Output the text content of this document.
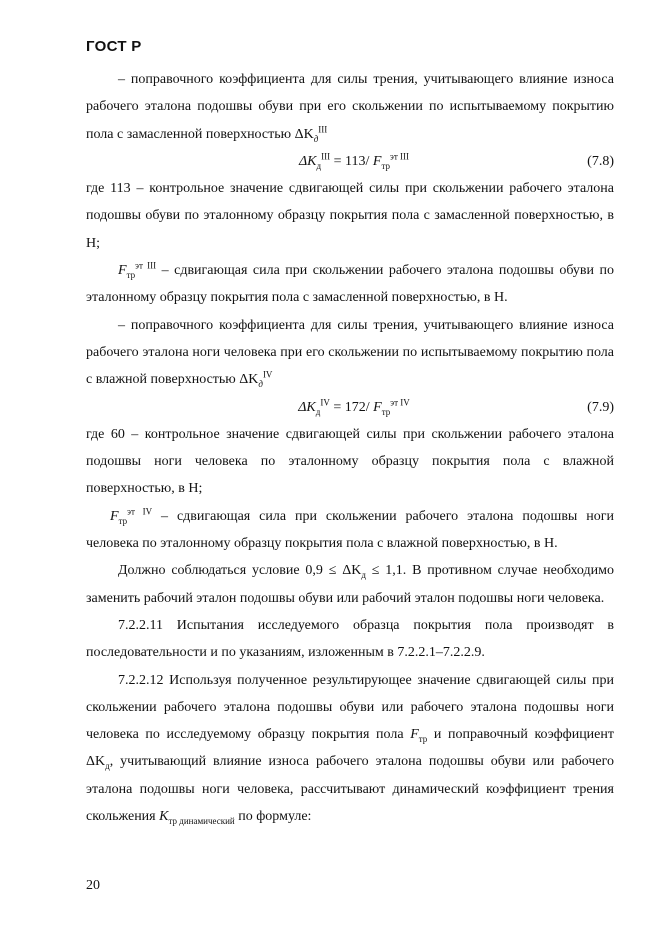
ГОСТ Р

– поправочного коэффициента для силы трения, учитывающего влияние износа рабочего эталона подошвы обуви при его скольжении по испытываемому покрытию пола с замасленной поверхностью $\Delta K_д^{III}$

$\Delta K_д^{III} = 113/$ $F_{тр}^{эт III}$	(7.8)

где 113 – контрольное значение сдвигающей силы при скольжении рабочего эталона подошвы обуви по эталонному образцу покрытия пола с замасленной поверхностью, в Н;

$F_{тр}^{эт III}$ – сдвигающая сила при скольжении рабочего эталона подошвы обуви по эталонному образцу покрытия пола с замасленной поверхностью, в Н.

– поправочного коэффициента для силы трения, учитывающего влияние износа рабочего эталона ноги человека при его скольжении по испытываемому покрытию пола с влажной поверхностью $\Delta K_д^{IV}$

$\Delta K_д^{IV} = 172/$ $F_{тр}^{эт IV}$	(7.9)

где 60 – контрольное значение сдвигающей силы при скольжении рабочего эталона подошвы ноги человека по эталонному образцу покрытия пола с влажной поверхностью, в Н;

$F_{тр}^{эт IV}$ – сдвигающая сила при скольжении рабочего эталона подошвы ноги человека по эталонному образцу покрытия пола с влажной поверхностью, в Н.

Должно соблюдаться условие $0,9 \le \Delta K_д \le 1,1$. В противном случае необходимо заменить рабочий эталон подошвы обуви или рабочий эталон подошвы ноги человека.

7.2.2.11 Испытания исследуемого образца покрытия пола производят в последовательности и по указаниям, изложенным в 7.2.2.1–7.2.2.9.

7.2.2.12 Используя полученное результирующее значение сдвигающей силы при скольжении рабочего эталона подошвы обуви или рабочего эталона подошвы ноги человека по исследуемому образцу покрытия пола $F_{тр}$ и поправочный коэффициент $\Delta K_д$, учитывающий влияние износа рабочего эталона подошвы обуви или рабочего эталона подошвы ноги человека, рассчитывают динамический коэффициент трения скольжения $K_{тр динамический}$ по формуле:

20
